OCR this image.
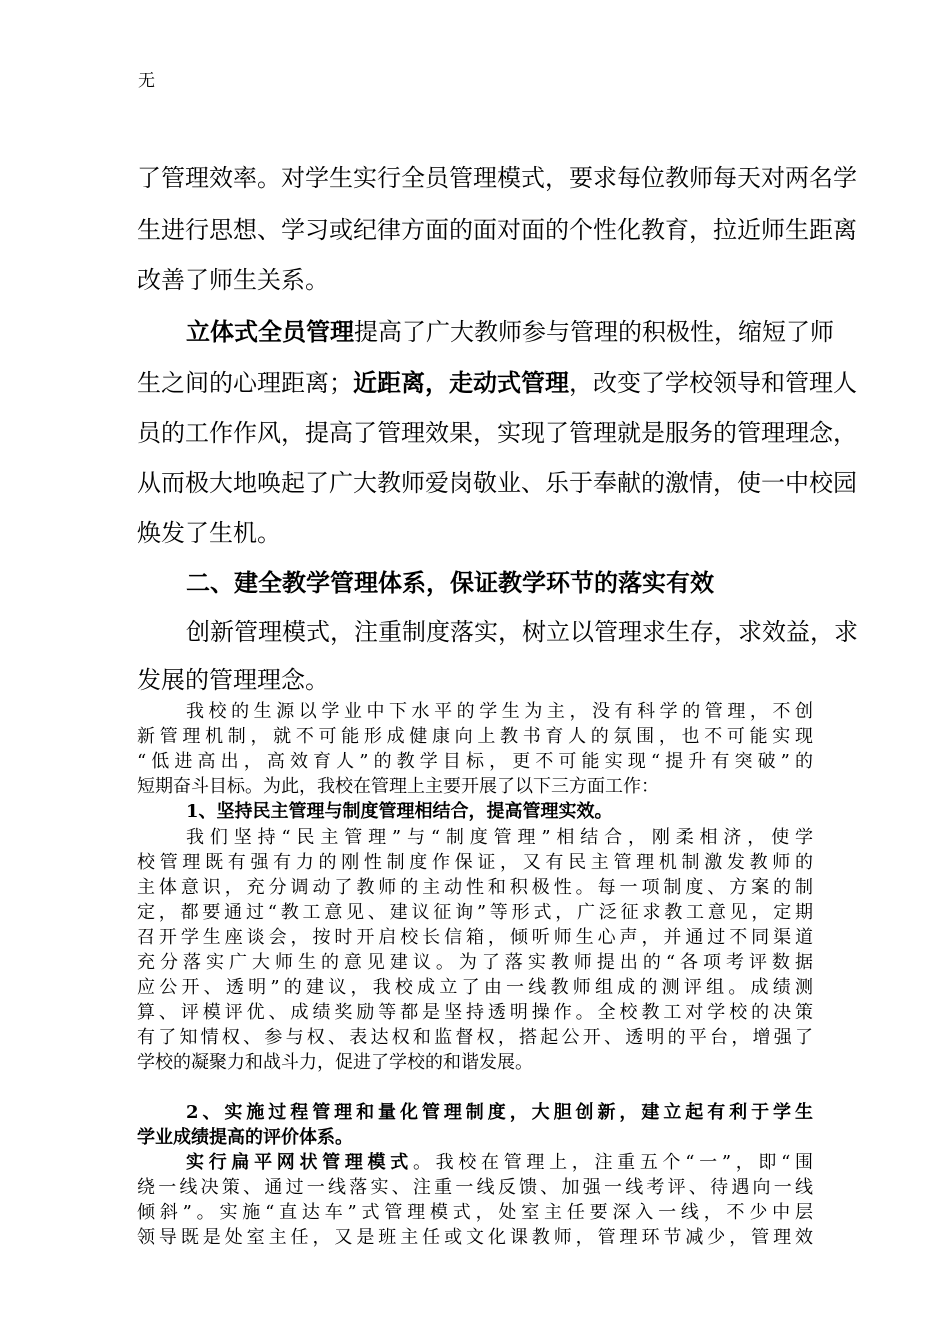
无
了管理效率。对学生实行全员管理模式，要求每位教师每天对两名学
生进行思想、学习或纪律方面的面对面的个性化教育，拉近师生距离
改善了师生关系。
立体式全员管理提高了广大教师参与管理的积极性，缩短了师
生之间的心理距离；近距离，走动式管理，改变了学校领导和管理人
员的工作作风，提高了管理效果，实现了管理就是服务的管理理念，
从而极大地唤起了广大教师爱岗敬业、乐于奉献的激情，使一中校园
焕发了生机。
二、建全教学管理体系，保证教学环节的落实有效
创新管理模式，注重制度落实，树立以管理求生存，求效益，求
发展的管理理念。
我校的生源以学业中下水平的学生为主，没有科学的管理，不创
新管理机制，就不可能形成健康向上教书育人的氛围，也不可能实现
“低进高出，高效育人”的教学目标，更不可能实现“提升有突破”的
短期奋斗目标。为此，我校在管理上主要开展了以下三方面工作：
1、坚持民主管理与制度管理相结合，提高管理实效。
我们坚持“民主管理”与“制度管理”相结合，刚柔相济，使学
校管理既有强有力的刚性制度作保证，又有民主管理机制激发教师的
主体意识，充分调动了教师的主动性和积极性。每一项制度、方案的制
定，都要通过“教工意见、建议征询”等形式，广泛征求教工意见，定期
召开学生座谈会，按时开启校长信箱，倾听师生心声，并通过不同渠道
充分落实广大师生的意见建议。为了落实教师提出的“各项考评数据
应公开、透明”的建议，我校成立了由一线教师组成的测评组。成绩测
算、评模评优、成绩奖励等都是坚持透明操作。全校教工对学校的决策
有了知情权、参与权、表达权和监督权，搭起公开、透明的平台，增强了
学校的凝聚力和战斗力，促进了学校的和谐发展。
2、实施过程管理和量化管理制度，大胆创新，建立起有利于学生
学业成绩提高的评价体系。
实行扁平网状管理模式。我校在管理上，注重五个“一”，即“围
绕一线决策、通过一线落实、注重一线反馈、加强一线考评、待遇向一线
倾斜”。实施“直达车”式管理模式，处室主任要深入一线，不少中层
领导既是处室主任，又是班主任或文化课教师，管理环节减少，管理效
